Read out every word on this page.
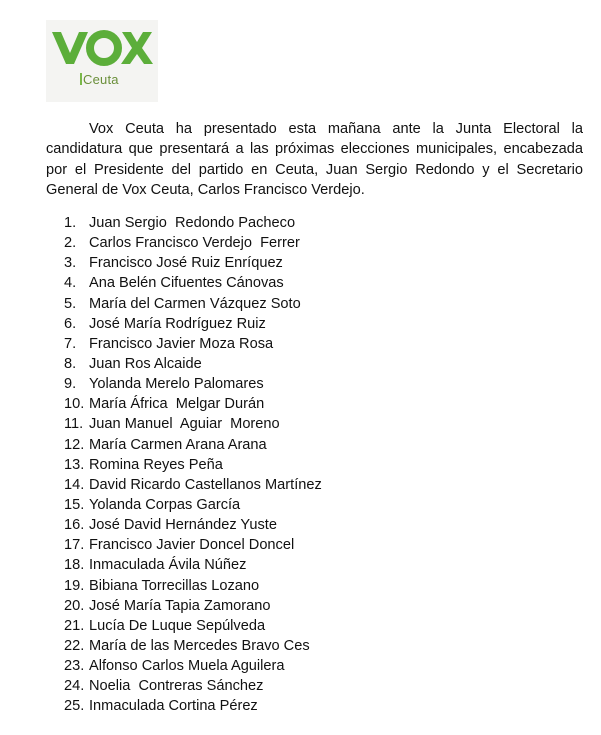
Ceuta

Vox Ceuta ha presentado esta mañana ante la Junta Electoral la candidatura que presentará a las próximas elecciones municipales, encabezada por el Presidente del partido en Ceuta, Juan Sergio Redondo y el Secretario General de Vox Ceuta, Carlos Francisco Verdejo.

1. Juan Sergio  Redondo Pacheco
2. Carlos Francisco Verdejo  Ferrer
3. Francisco José Ruiz Enríquez
4. Ana Belén Cifuentes Cánovas
5. María del Carmen Vázquez Soto
6. José María Rodríguez Ruiz
7. Francisco Javier Moza Rosa
8. Juan Ros Alcaide
9. Yolanda Merelo Palomares
10. María África  Melgar Durán
11. Juan Manuel  Aguiar  Moreno
12. María Carmen Arana Arana
13. Romina Reyes Peña
14. David Ricardo Castellanos Martínez
15. Yolanda Corpas García
16. José David Hernández Yuste
17. Francisco Javier Doncel Doncel
18. Inmaculada Ávila Núñez
19. Bibiana Torrecillas Lozano
20. José María Tapia Zamorano
21. Lucía De Luque Sepúlveda
22. María de las Mercedes Bravo Ces
23. Alfonso Carlos Muela Aguilera
24. Noelia  Contreras Sánchez
25. Inmaculada Cortina Pérez
